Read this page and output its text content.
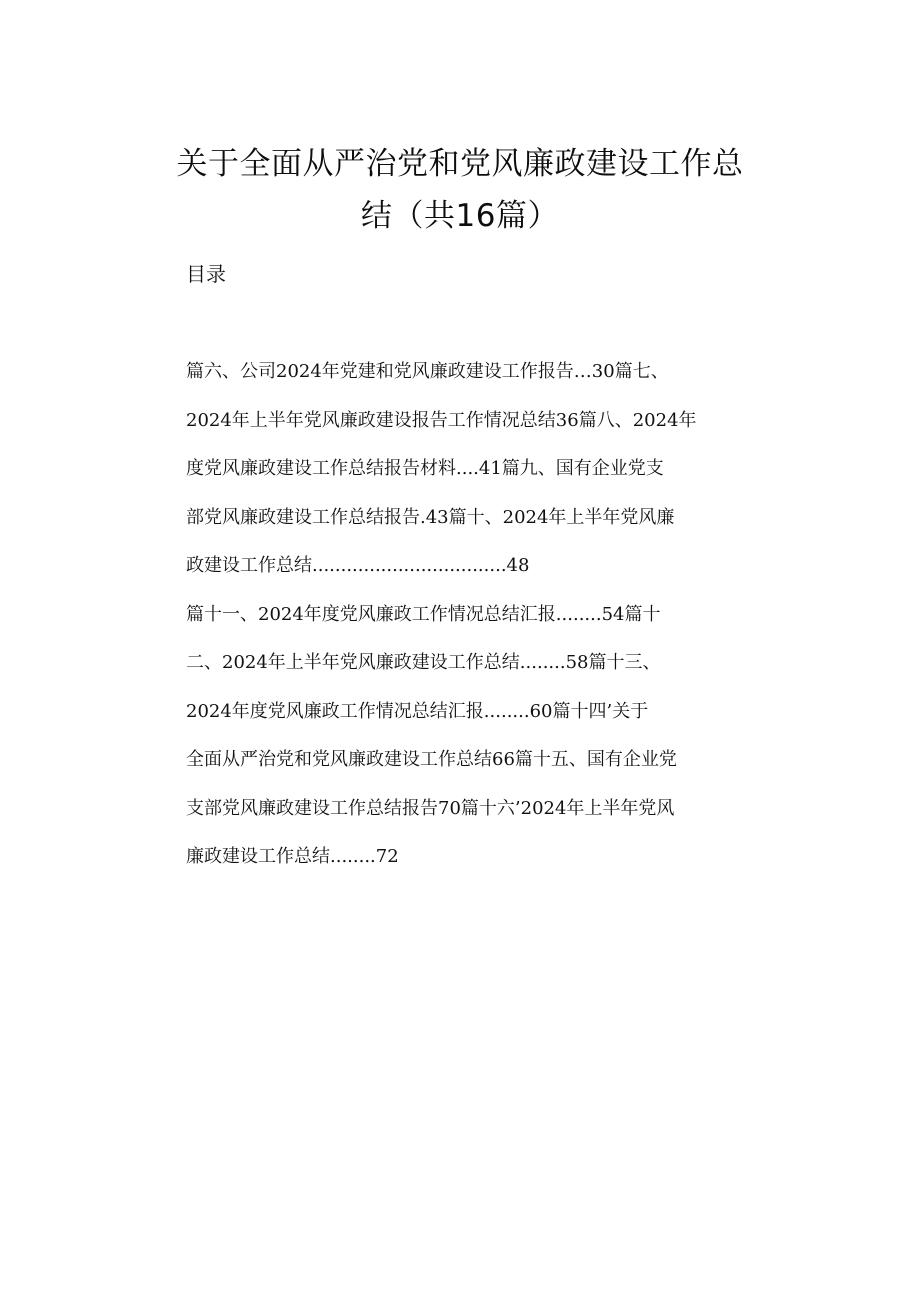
关于全面从严治党和党风廉政建设工作总
结（共16篇）
目录
篇六、公司2024年党建和党风廉政建设工作报告…30篇七、
2024年上半年党风廉政建设报告工作情况总结36篇八、2024年
度党风廉政建设工作总结报告材料....41篇九、国有企业党支
部党风廉政建设工作总结报告.43篇十、2024年上半年党风廉
政建设工作总结..................................48
篇十一、2024年度党风廉政工作情况总结汇报........54篇十
二、2024年上半年党风廉政建设工作总结........58篇十三、
2024年度党风廉政工作情况总结汇报........60篇十四’关于
全面从严治党和党风廉政建设工作总结66篇十五、国有企业党
支部党风廉政建设工作总结报告70篇十六’2024年上半年党风
廉政建设工作总结........72
